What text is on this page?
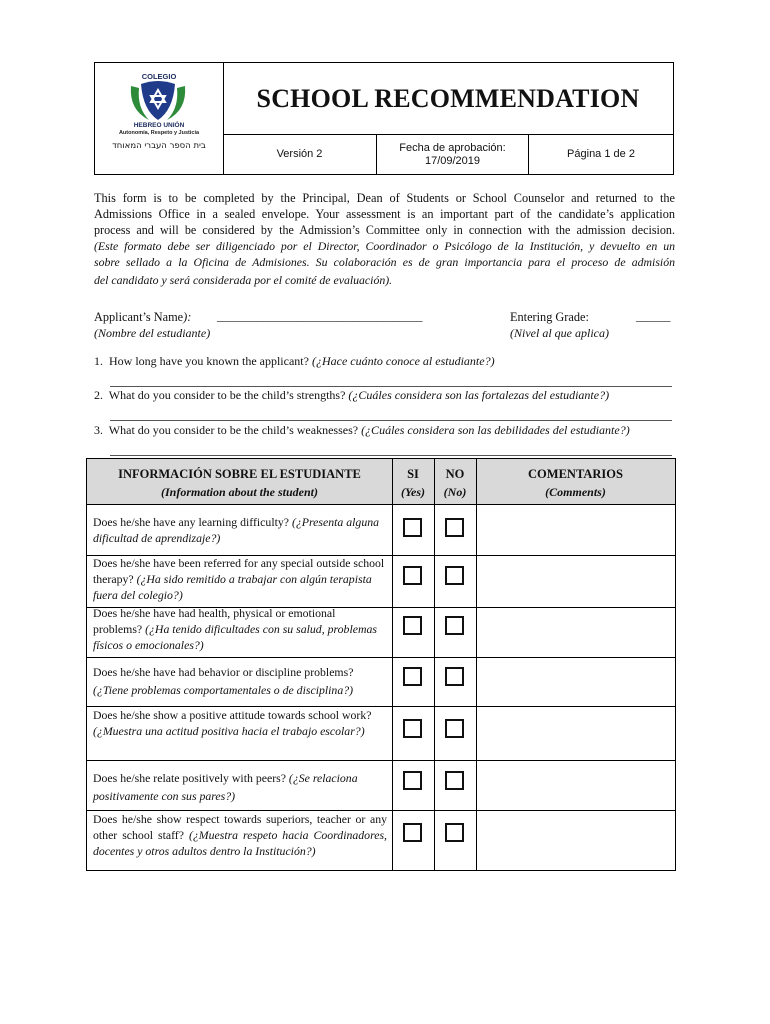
COLEGIO
HEBREO UNIÓN
Autonomía, Respeto y Justicia
בית הספר העברי המאוחד
SCHOOL RECOMMENDATION
Versión 2
Fecha de aprobación:
17/09/2019
Página 1 de 2
This form is to be completed by the Principal, Dean of Students or School Counselor and returned to the
Admissions Office in a sealed envelope. Your assessment is an important part of the candidate’s application
process and will be considered by the Admission’s Committee only in connection with the admission decision.
(Este formato debe ser diligenciado por el Director, Coordinador o Psicólogo de la Institución, y devuelto en un
sobre sellado a la Oficina de Admisiones. Su colaboración es de gran importancia para el proceso de admisión
del candidato y será considerada por el comité de evaluación).
Applicant’s Name):
(Nombre del estudiante)
____________________________________	Entering Grade:
(Nivel al que aplica)
______
1. How long have you known the applicant? (¿Hace cuánto conoce al estudiante?)
2. What do you consider to be the child’s strengths? (¿Cuáles considera son las fortalezas del estudiante?)
3. What do you consider to be the child’s weaknesses? (¿Cuáles considera son las debilidades del estudiante?)
INFORMACIÓN SOBRE EL ESTUDIANTE
(Information about the student)
SI
(Yes)
NO
(No)
COMENTARIOS
(Comments)
Does he/she have any learning difficulty? (¿Presenta alguna dificultad de aprendizaje?)
Does he/she have been referred for any special outside school therapy? (¿Ha sido remitido a trabajar con algún terapista fuera del colegio?)
Does he/she have had health, physical or emotional problems? (¿Ha tenido dificultades con su salud, problemas físicos o emocionales?)
Does he/she have had behavior or discipline problems? (¿Tiene problemas comportamentales o de disciplina?)
Does he/she show a positive attitude towards school work? (¿Muestra una actitud positiva hacia el trabajo escolar?)
Does he/she relate positively with peers? (¿Se relaciona positivamente con sus pares?)
Does he/she show respect towards superiors, teacher or any other school staff? (¿Muestra respeto hacia Coordinadores, docentes y otros adultos dentro la Institución?)
